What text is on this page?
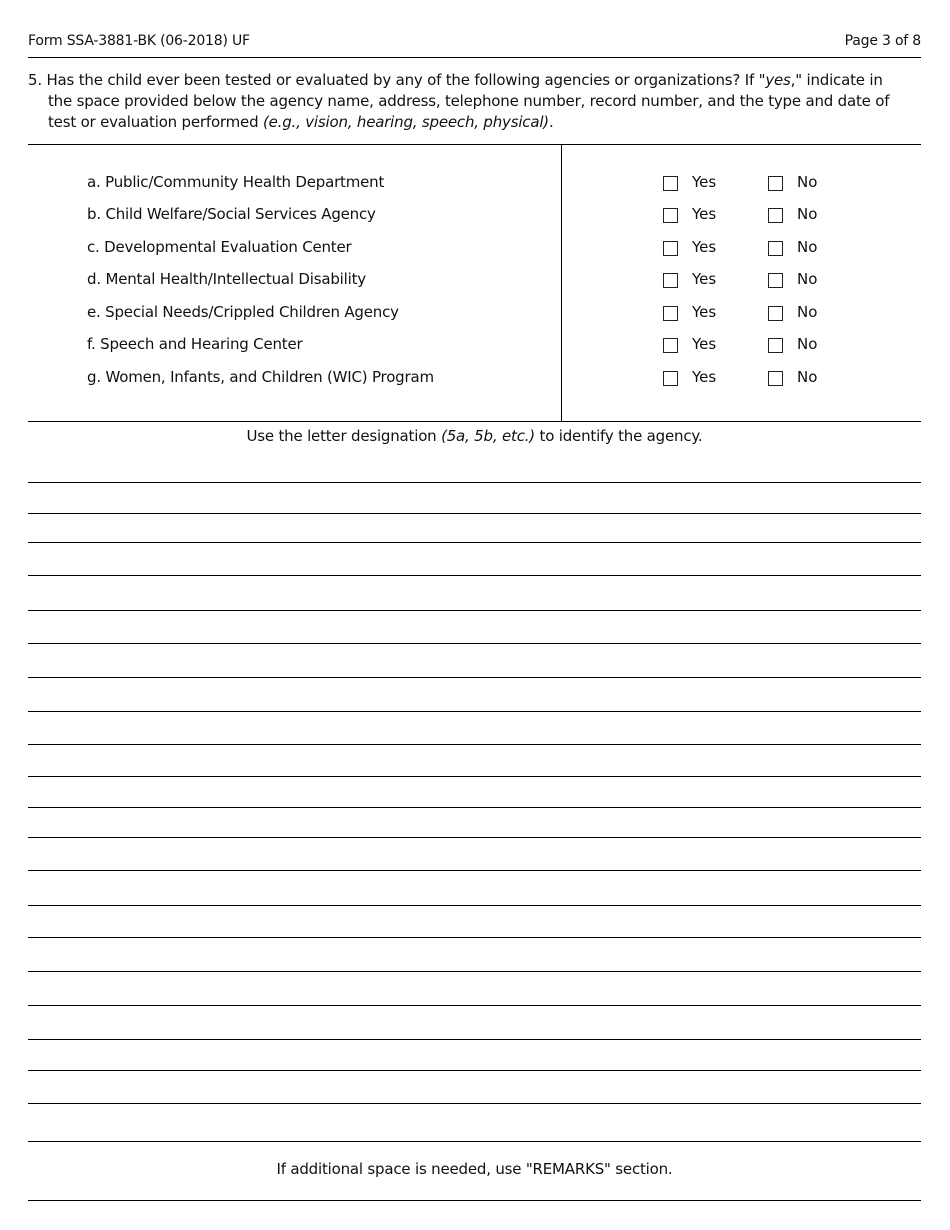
Form SSA-3881-BK (06-2018) UF	Page 3 of 8
5. Has the child ever been tested or evaluated by any of the following agencies or organizations? If "yes," indicate in
the space provided below the agency name, address, telephone number, record number, and the type and date of
test or evaluation performed (e.g., vision, hearing, speech, physical).
a. Public/Community Health Department	Yes	No
b. Child Welfare/Social Services Agency	Yes	No
c. Developmental Evaluation Center	Yes	No
d. Mental Health/Intellectual Disability	Yes	No
e. Special Needs/Crippled Children Agency	Yes	No
f. Speech and Hearing Center	Yes	No
g. Women, Infants, and Children (WIC) Program	Yes	No
Use the letter designation (5a, 5b, etc.) to identify the agency.
If additional space is needed, use "REMARKS" section.
